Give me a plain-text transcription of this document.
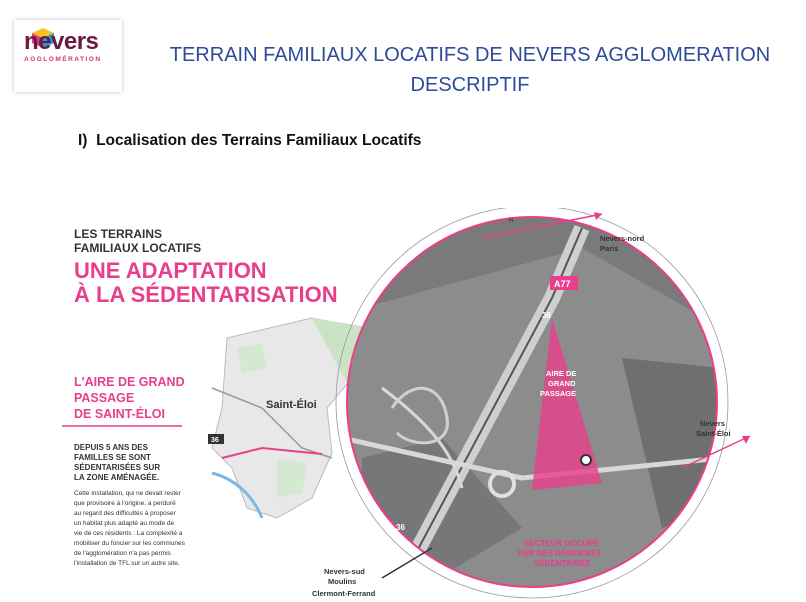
nevers
AGGLOMÉRATION	TERRAIN FAMILIAUX LOCATIFS DE NEVERS AGGLOMERATION
DESCRIPTIF
I) Localisation des Terrains Familiaux Locatifs
N
A77
36
36
LES TERRAINS
FAMILIAUX LOCATIFS
UNE ADAPTATION
À LA SÉDENTARISATION
L'AIRE DE GRAND
PASSAGE
DE SAINT-ÉLOI
DEPUIS 5 ANS DES
FAMILLES SE SONT
SÉDENTARISÉES SUR
LA ZONE AMÉNAGÉE.
Cette installation, qui ne devait rester
que provisoire à l'origine, a perduré
au regard des difficultés à proposer
un habitat plus adapté au mode de
vie de ces résidents : La complexité a
mobiliser du foncier sur les communes
de l'agglomération n'a pas permis
l'installation de TFL sur un autre site.
Saint-Éloi
36
Nevers-nord
Paris
Nevers
Saint-Éloi
Nevers-sud
Moulins
Clermont-Ferrand
AIRE DE
GRAND
PASSAGE
SECTEUR OCCUPÉ
PAR DES RÉSIDENTS
SÉDENTAIRES
